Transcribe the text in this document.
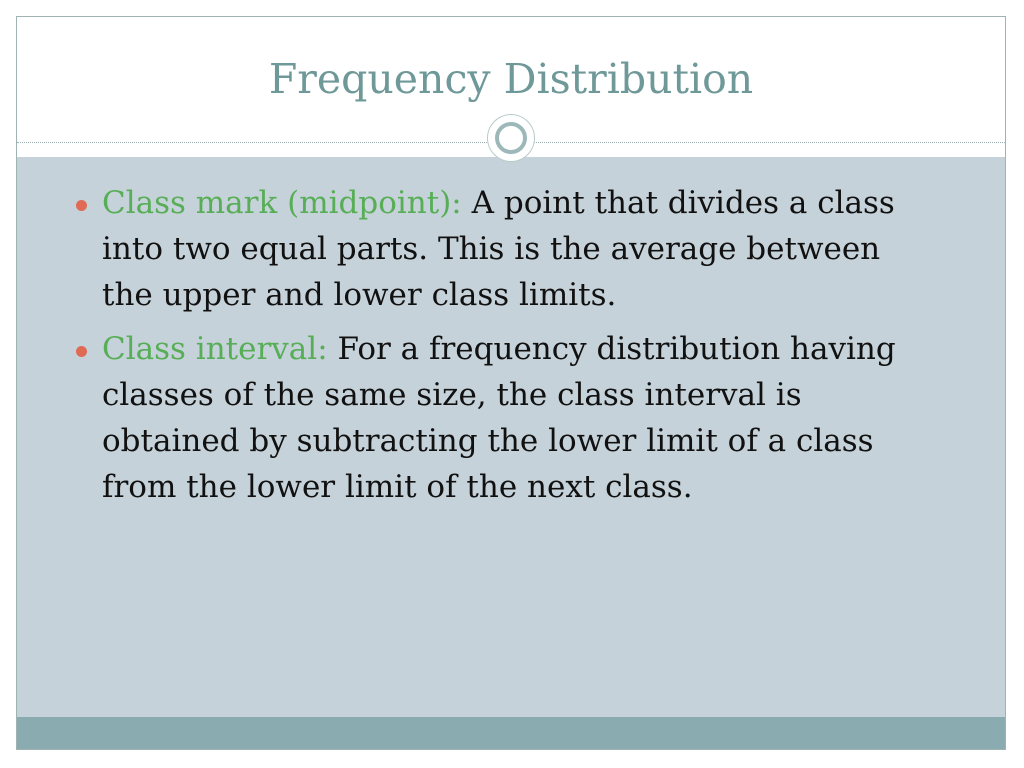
Frequency Distribution
Class mark (midpoint): A point that divides a class into two equal parts. This is the average between the upper and lower class limits.
Class interval: For a frequency distribution having classes of the same size, the class interval is obtained by subtracting the lower limit of a class from the lower limit of the next class.
